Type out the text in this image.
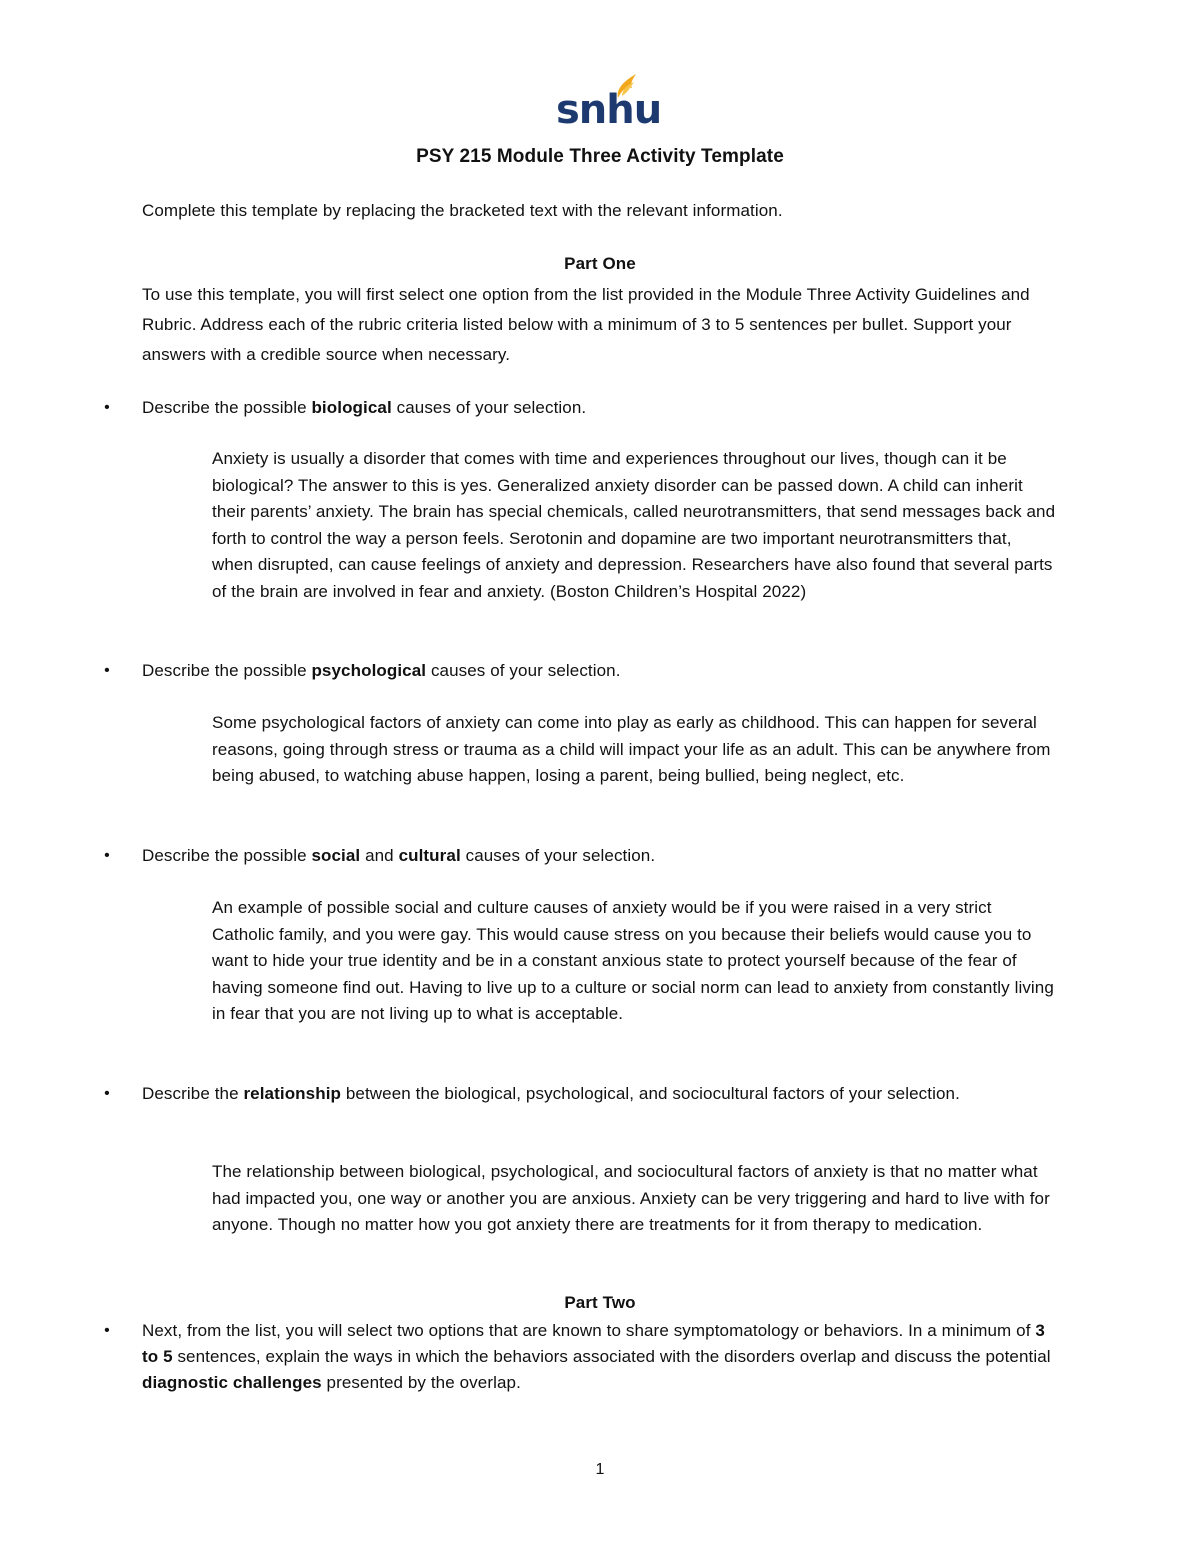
snhu
PSY 215 Module Three Activity Template
Complete this template by replacing the bracketed text with the relevant information.
Part One

To use this template, you will first select one option from the list provided in the Module Three Activity Guidelines and Rubric. Address each of the rubric criteria listed below with a minimum of 3 to 5 sentences per bullet. Support your answers with a credible source when necessary.

• Describe the possible biological causes of your selection.

Anxiety is usually a disorder that comes with time and experiences throughout our lives, though can it be biological? The answer to this is yes. Generalized anxiety disorder can be passed down. A child can inherit their parents’ anxiety. The brain has special chemicals, called neurotransmitters, that send messages back and forth to control the way a person feels. Serotonin and dopamine are two important neurotransmitters that, when disrupted, can cause feelings of anxiety and depression. Researchers have also found that several parts of the brain are involved in fear and anxiety. (Boston Children’s Hospital 2022)

• Describe the possible psychological causes of your selection.

Some psychological factors of anxiety can come into play as early as childhood. This can happen for several reasons, going through stress or trauma as a child will impact your life as an adult. This can be anywhere from being abused, to watching abuse happen, losing a parent, being bullied, being neglect, etc.

• Describe the possible social and cultural causes of your selection.

An example of possible social and culture causes of anxiety would be if you were raised in a very strict Catholic family, and you were gay. This would cause stress on you because their beliefs would cause you to want to hide your true identity and be in a constant anxious state to protect yourself because of the fear of having someone find out. Having to live up to a culture or social norm can lead to anxiety from constantly living in fear that you are not living up to what is acceptable.

• Describe the relationship between the biological, psychological, and sociocultural factors of your selection.

The relationship between biological, psychological, and sociocultural factors of anxiety is that no matter what had impacted you, one way or another you are anxious. Anxiety can be very triggering and hard to live with for anyone. Though no matter how you got anxiety there are treatments for it from therapy to medication.

Part Two
• Next, from the list, you will select two options that are known to share symptomatology or behaviors. In a minimum of 3 to 5 sentences, explain the ways in which the behaviors associated with the disorders overlap and discuss the potential diagnostic challenges presented by the overlap.
1
